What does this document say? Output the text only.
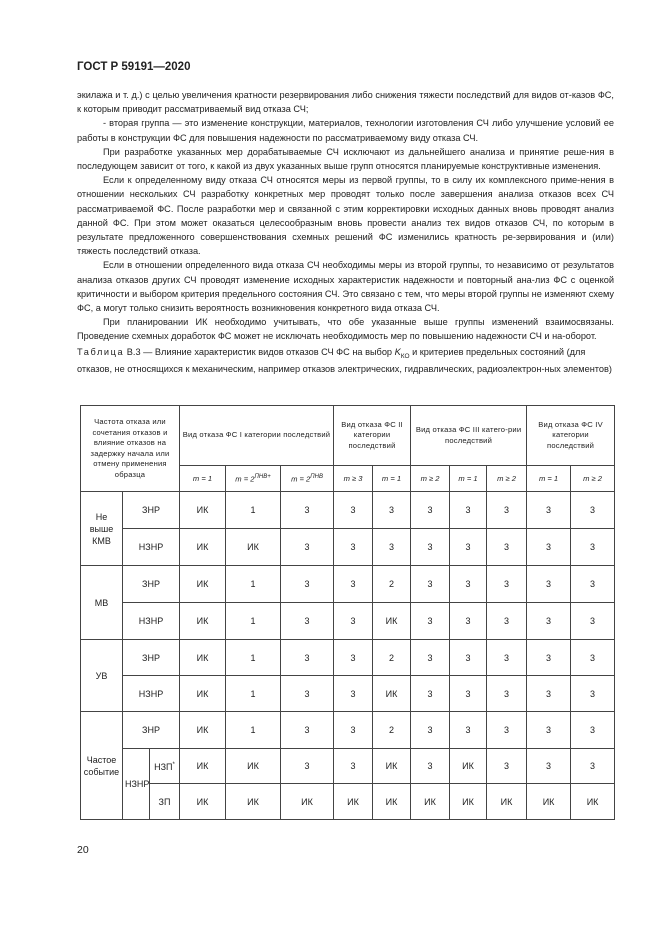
ГОСТ Р 59191—2020

экилажа и т. д.) с целью увеличения кратности резервирования либо снижения тяжести последствий для видов от-казов ФС, к которым приводит рассматриваемый вид отказа СЧ;

- вторая группа — это изменение конструкции, материалов, технологии изготовления СЧ либо улучшение условий ее работы в конструкции ФС для повышения надежности по рассматриваемому виду отказа СЧ.

При разработке указанных мер дорабатываемые СЧ исключают из дальнейшего анализа и принятие реше-ния в последующем зависит от того, к какой из двух указанных выше групп относятся планируемые конструктивные изменения.

Если к определенному виду отказа СЧ относятся меры из первой группы, то в силу их комплексного приме-нения в отношении нескольких СЧ разработку конкретных мер проводят только после завершения анализа отказов всех СЧ рассматриваемой ФС. После разработки мер и связанной с этим корректировки исходных данных вновь проводят анализ данной ФС. При этом может оказаться целесообразным вновь провести анализ тех видов отказов СЧ, по которым в результате предложенного совершенствования схемных решений ФС изменились кратность ре-зервирования и (или) тяжесть последствий отказа.

Если в отношении определенного вида отказа СЧ необходимы меры из второй группы, то независимо от результатов анализа отказов других СЧ проводят изменение исходных характеристик надежности и повторный ана-лиз ФС с оценкой критичности и выбором критерия предельного состояния СЧ. Это связано с тем, что меры второй группы не изменяют схему ФС, а могут только снизить вероятность возникновения конкретного вида отказа СЧ.

При планировании ИК необходимо учитывать, что обе указанные выше группы изменений взаимосвязаны. Проведение схемных доработок ФС может не исключать необходимость мер по повышению надежности СЧ и на-оборот.

Таблица В.3 — Влияние характеристик видов отказов СЧ ФС на выбор $K_{КО}$ и критериев предельных состояний (для отказов, не относящихся к механическим, например отказов электрических, гидравлических, радиоэлектрон-ных элементов)
Частота отказа или сочетания отказов и влияние отказов на задержку начала или отмену применения образца			Вид отказа ФС I категории последствий			Вид отказа ФС II категории последствий		Вид отказа ФС III катего-рии последствий			Вид отказа ФС IV категории последствий	
			m = 1	$m = 2^{ПНВ+}$	$m = 2^{ПНВ}$	m ≥ 3	m = 1	m ≥ 2	m = 1	m ≥ 2	m = 1	m ≥ 2
Не выше КМВ	ЗНР		ИК	1	3	3	3	3	3	3	3	3
	НЗНР		ИК	ИК	3	3	3	3	3	3	3	3
МВ	ЗНР		ИК	1	3	3	2	3	3	3	3	3
	НЗНР		ИК	1	3	3	ИК	3	3	3	3	3
УВ	ЗНР		ИК	1	3	3	2	3	3	3	3	3
	НЗНР		ИК	1	3	3	ИК	3	3	3	3	3
Частое событие	ЗНР		ИК	1	3	3	2	3	3	3	3	3
	НЗНР	НЗП*	ИК	ИК	3	3	ИК	3	ИК	3	3	3
		ЗП	ИК	ИК	ИК	ИК	ИК	ИК	ИК	ИК	ИК	ИК
20
